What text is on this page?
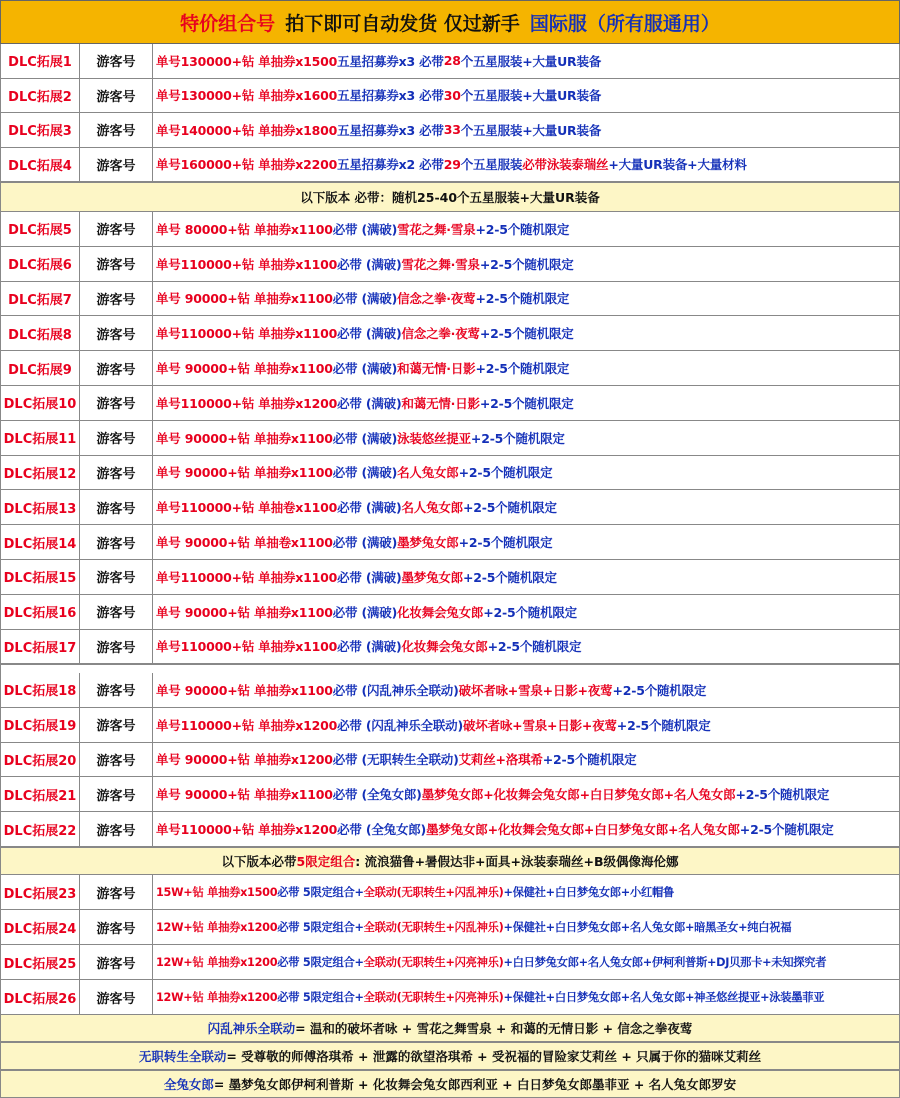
特价组合号 拍下即可自动发货 仅过新手 国际服（所有服通用）
DLC拓展1	游客号	单号130000+钻 单抽券x1500 五星招募券x3 必带 28 个五星服装+大量UR装备
DLC拓展2	游客号	单号130000+钻 单抽券x1600 五星招募券x3 必带 30 个五星服装+大量UR装备
DLC拓展3	游客号	单号140000+钻 单抽券x1800 五星招募券x3 必带 33 个五星服装+大量UR装备
DLC拓展4	游客号	单号160000+钻 单抽券x2200 五星招募券x2 必带 29 个五星服装 必带泳装泰瑞丝 +大量UR装备+大量材料
以下版本 必带：随机25-40个五星服装+大量UR装备
DLC拓展5	游客号	单号 80000+钻 单抽券x1100 必带 (满破) 雪花之舞·雪泉 +2-5个随机限定
DLC拓展6	游客号	单号110000+钻 单抽券x1100 必带 (满破) 雪花之舞·雪泉 +2-5个随机限定
DLC拓展7	游客号	单号 90000+钻 单抽券x1100 必带 (满破) 信念之拳·夜莺 +2-5个随机限定
DLC拓展8	游客号	单号110000+钻 单抽券x1100 必带 (满破) 信念之拳·夜莺 +2-5个随机限定
DLC拓展9	游客号	单号 90000+钻 单抽券x1100 必带 (满破) 和蔼无情·日影 +2-5个随机限定
DLC拓展10	游客号	单号110000+钻 单抽券x1200 必带 (满破) 和蔼无情·日影 +2-5个随机限定
DLC拓展11	游客号	单号 90000+钻 单抽券x1100 必带 (满破) 泳装悠丝提亚 +2-5个随机限定
DLC拓展12	游客号	单号 90000+钻 单抽券x1100 必带 (满破) 名人兔女郎 +2-5个随机限定
DLC拓展13	游客号	单号110000+钻 单抽卷x1100 必带 (满破) 名人兔女郎 +2-5个随机限定
DLC拓展14	游客号	单号 90000+钻 单抽卷x1100 必带 (满破) 墨梦兔女郎 +2-5个随机限定
DLC拓展15	游客号	单号110000+钻 单抽券x1100 必带 (满破) 墨梦兔女郎 +2-5个随机限定
DLC拓展16	游客号	单号 90000+钻 单抽券x1100 必带 (满破) 化妆舞会兔女郎 +2-5个随机限定
DLC拓展17	游客号	单号110000+钻 单抽券x1100 必带 (满破) 化妆舞会兔女郎 +2-5个随机限定
DLC拓展18	游客号	单号 90000+钻 单抽券x1100 必带 (闪乱神乐全联动) 破坏者咏+雪泉+日影+夜莺 +2-5个随机限定
DLC拓展19	游客号	单号110000+钻 单抽券x1200 必带 (闪乱神乐全联动) 破坏者咏+雪泉+日影+夜莺 +2-5个随机限定
DLC拓展20	游客号	单号 90000+钻 单抽券x1200 必带 (无职转生全联动) 艾莉丝+洛琪希 +2-5个随机限定
DLC拓展21	游客号	单号 90000+钻 单抽券x1100 必带 (全兔女郎) 墨梦兔女郎+化妆舞会兔女郎+白日梦兔女郎+名人兔女郎 +2-5个随机限定
DLC拓展22	游客号	单号110000+钻 单抽券x1200 必带 (全兔女郎) 墨梦兔女郎+化妆舞会兔女郎+白日梦兔女郎+名人兔女郎 +2-5个随机限定
以下版本必带 5限定组合 : 流浪猫鲁+暑假达非+面具+泳装泰瑞丝+B级偶像海伦娜
DLC拓展23	游客号	15W+钻 单抽券x1500 必带 5限定组合+ 全联动(无职转生+闪乱神乐) +保健社+白日梦兔女郎+小红帽鲁
DLC拓展24	游客号	12W+钻 单抽券x1200 必带 5限定组合+ 全联动(无职转生+闪乱神乐) +保健社+白日梦兔女郎+名人兔女郎+暗黑圣女+纯白祝福
DLC拓展25	游客号	12W+钻 单抽券x1200 必带 5限定组合+ 全联动(无职转生+闪亮神乐) +白日梦兔女郎+名人兔女郎+伊柯利普斯+DJ贝那卡+未知探究者
DLC拓展26	游客号	12W+钻 单抽券x1200 必带 5限定组合+ 全联动(无职转生+闪亮神乐) +保健社+白日梦兔女郎+名人兔女郎+神圣悠丝提亚+泳装墨菲亚
闪乱神乐全联动 = 温和的破坏者咏 + 雪花之舞雪泉 + 和蔼的无情日影 + 信念之拳夜莺
无职转生全联动 = 受尊敬的师傅洛琪希 + 泄露的欲望洛琪希 + 受祝福的冒险家艾莉丝 + 只属于你的猫咪艾莉丝
全兔女郎 = 墨梦兔女郎伊柯利普斯 + 化妆舞会兔女郎西利亚 + 白日梦兔女郎墨菲亚 + 名人兔女郎罗安
